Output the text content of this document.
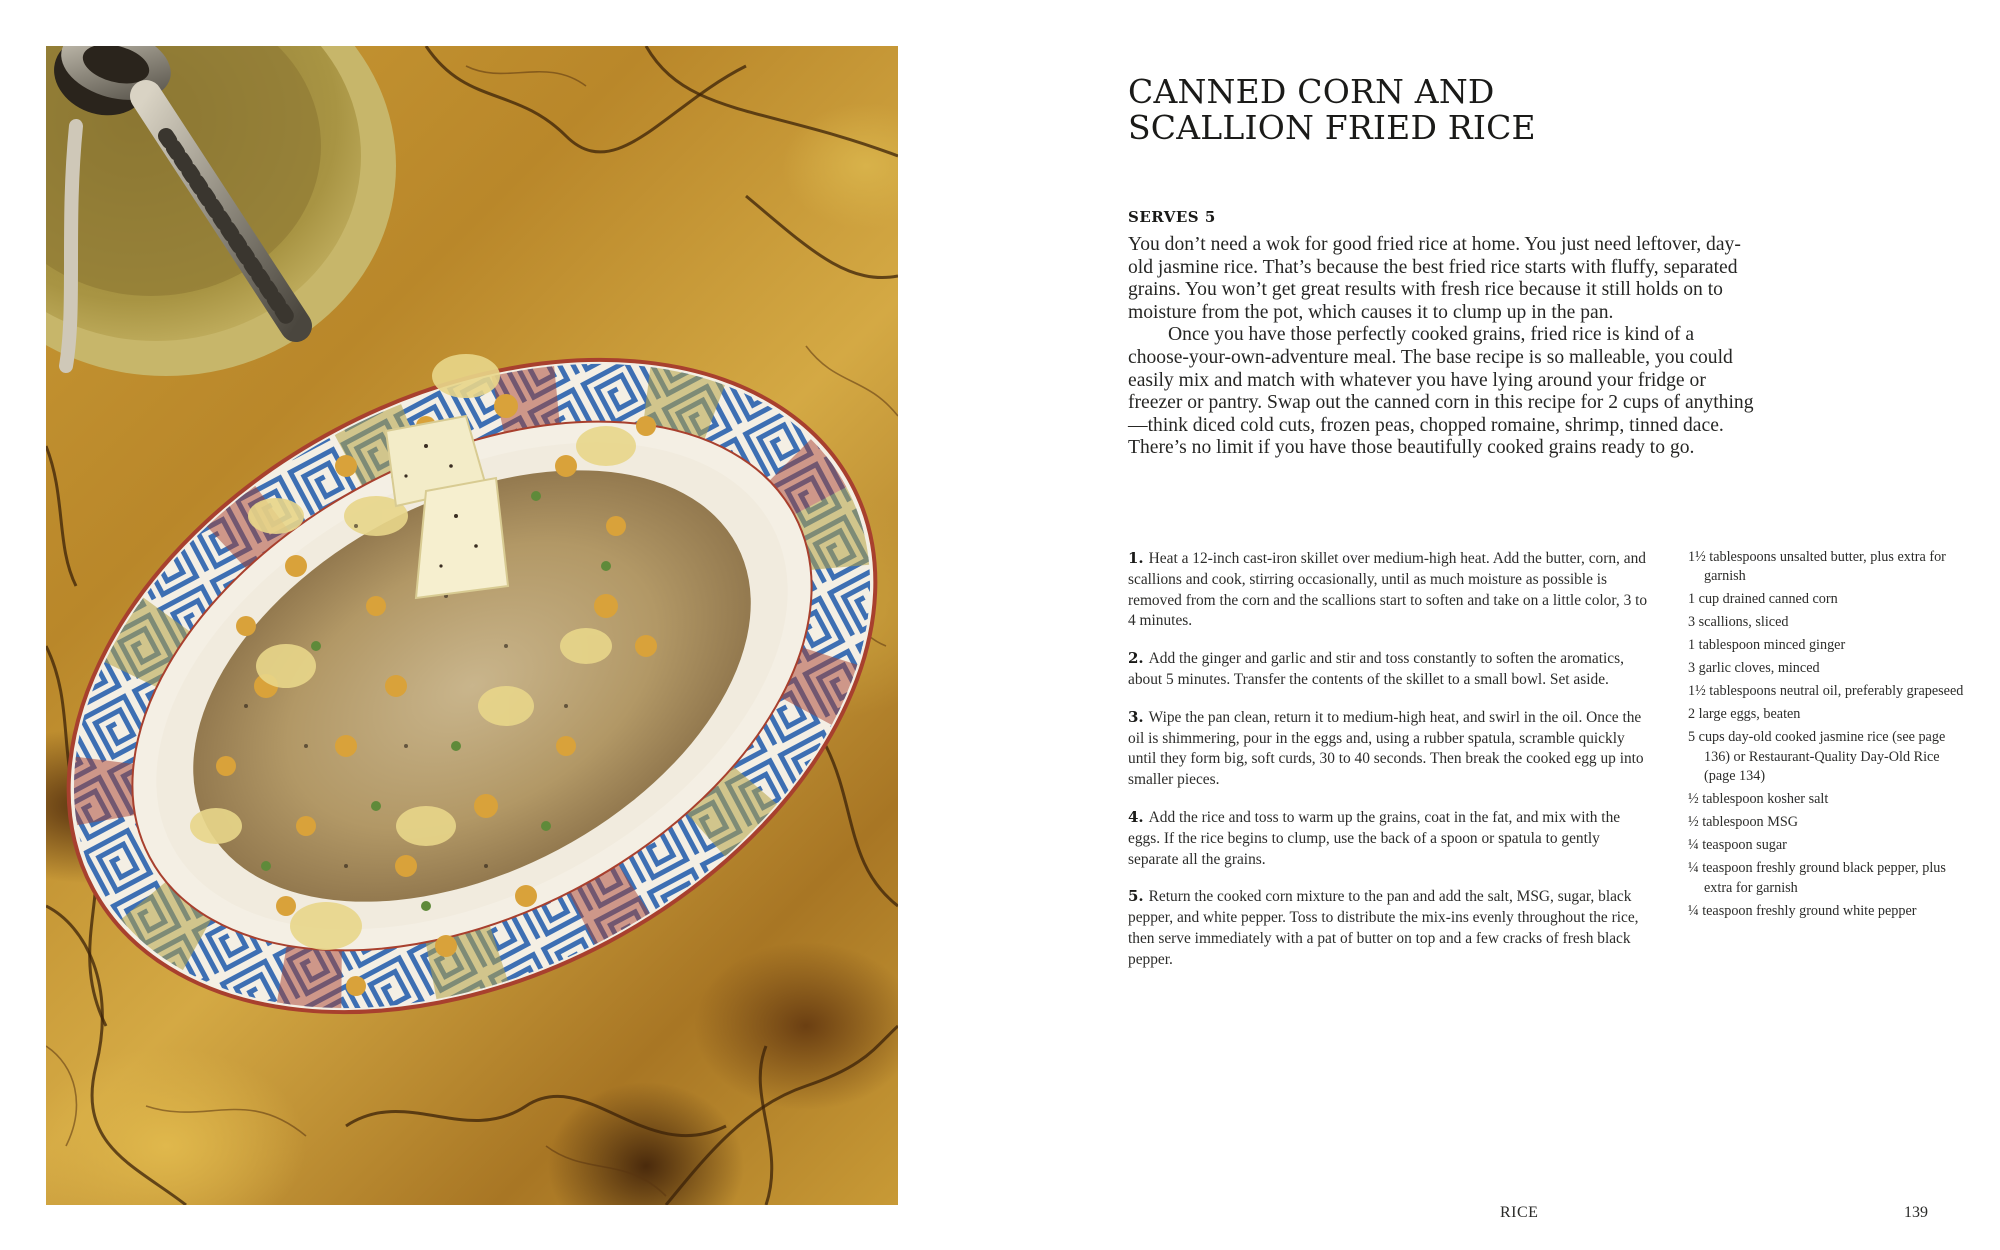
CANNED CORN AND
SCALLION FRIED RICE
SERVES 5

You don’t need a wok for good fried rice at home. You just need leftover, day-old jasmine rice. That’s because the best fried rice starts with fluffy, separated grains. You won’t get great results with fresh rice because it still holds on to moisture from the pot, which causes it to clump up in the pan.

Once you have those perfectly cooked grains, fried rice is kind of a choose-your-own-adventure meal. The base recipe is so malleable, you could easily mix and match with whatever you have lying around your fridge or freezer or pantry. Swap out the canned corn in this recipe for 2 cups of anything—think diced cold cuts, frozen peas, chopped romaine, shrimp, tinned dace. There’s no limit if you have those beautifully cooked grains ready to go.

1. Heat a 12-inch cast-iron skillet over medium-high heat. Add the butter, corn, and scallions and cook, stirring occasionally, until as much moisture as possible is removed from the corn and the scallions start to soften and take on a little color, 3 to 4 minutes.

2. Add the ginger and garlic and stir and toss constantly to soften the aromatics, about 5 minutes. Transfer the contents of the skillet to a small bowl. Set aside.

3. Wipe the pan clean, return it to medium-high heat, and swirl in the oil. Once the oil is shimmering, pour in the eggs and, using a rubber spatula, scramble quickly until they form big, soft curds, 30 to 40 seconds. Then break the cooked egg up into smaller pieces.

4. Add the rice and toss to warm up the grains, coat in the fat, and mix with the eggs. If the rice begins to clump, use the back of a spoon or spatula to gently separate all the grains.

5. Return the cooked corn mixture to the pan and add the salt, MSG, sugar, black pepper, and white pepper. Toss to distribute the mix-ins evenly throughout the rice, then serve immediately with a pat of butter on top and a few cracks of fresh black pepper.

1½ tablespoons unsalted butter, plus extra for garnish
1 cup drained canned corn
3 scallions, sliced
1 tablespoon minced ginger
3 garlic cloves, minced
1½ tablespoons neutral oil, preferably grapeseed
2 large eggs, beaten
5 cups day-old cooked jasmine rice (see page 136) or Restaurant-Quality Day-Old Rice (page 134)
½ tablespoon kosher salt
½ tablespoon MSG
¼ teaspoon sugar
¼ teaspoon freshly ground black pepper, plus extra for garnish
¼ teaspoon freshly ground white pepper
RICE	139
